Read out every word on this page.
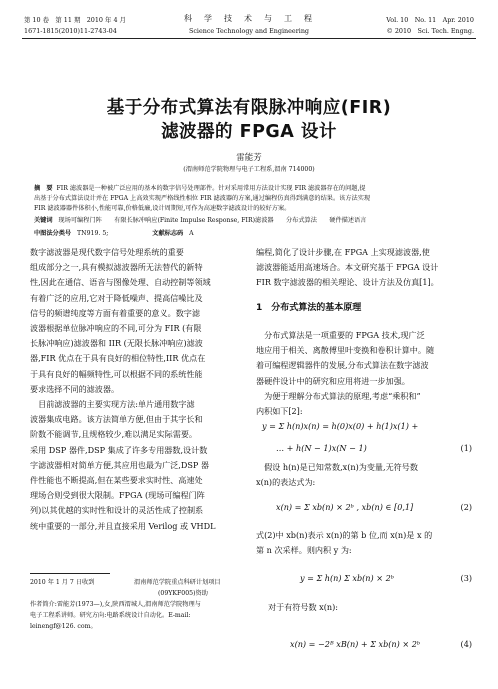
第 10 卷　第 11 期　2010 年 4 月
1671-1815(2010)11-2743-04
科　学　技　术　与　工　程
Science Technology and Engineering
Vol. 10　No. 11　Apr. 2010
© 2010　Sci. Tech. Engng.
基于分布式算法有限脉冲响应(FIR)
滤波器的 FPGA 设计
雷能芳
(渭南师范学院物理与电子工程系,渭南 714000)
摘　要 FIR 滤波器是一种被广泛应用的基本的数字信号处理部件。针对采用常用方法设计实现 FIR 滤波器存在的问题,提
出基于分布式算法设计并在 FPGA 上高效实现严格线性相位 FIR 滤波器的方案,通过编程仿真得到满意的结果。该方法实现
FIR 滤波器器件体积小,性能可靠,价格低廉,设计周期短,可作为高速数字滤波设计的较好方案。
关键词 现场可编程门阵　　有限长脉冲响应(Finite Impulse Response, FIR)滤波器　　分布式算法　　硬件描述语言
中图法分类号 TN919. 5;	文献标志码 A
数字滤波器是现代数字信号处理系统的重要
组成部分之一,具有模拟滤波器所无法替代的新特
性,因此在通信、语音与图像处理、自动控制等领域
有着广泛的应用,它对于降低噪声、提高信噪比及
信号的频谱纯度等方面有着重要的意义。数字滤
波器根据单位脉冲响应的不同,可分为 FIR (有限
长脉冲响应)滤波器和 IIR (无限长脉冲响应)滤波
器,FIR 优点在于具有良好的相位特性,IIR 优点在
于具有良好的幅频特性,可以根据不同的系统性能
要求选择不同的滤波器。
　目前滤波器的主要实现方法:单片通用数字滤
波器集成电路。该方法简单方便,但由于其字长和
阶数不能调节,且规格较少,难以满足实际需要。
采用 DSP 器件,DSP 集成了许多专用器数,设计数
字滤波器相对简单方便,其应用也最为广泛,DSP 器
件性能也不断提高,但在某些要求实时性、高速处
理场合则受到很大限制。FPGA (现场可编程门阵
列)以其优越的实时性和设计的灵活性成了控制系
统中重要的一部分,并且直接采用 Verilog 或 VHDL
2010 年 1 月 7 日收到	渭南师范学院重点科研计划项目
(09YKF005)资助
作者简介:雷能芳(1973—),女,陕西渭城人,渭南师范学院物理与
电子工程系讲师。研究方向:电路系统设计自动化。E-mail:
leinengf@126. com。
编程,简化了设计步骤,在 FPGA 上实现滤波器,使
滤波器能适用高速场合。本文研究基于 FPGA 设计
FIR 数字滤波器的相关理论、设计方法及仿真[1]。
1　分布式算法的基本原理
　分布式算法是一项重要的 FPGA 技术,现广泛
地应用于相关、离散傅里叶变换和卷积计算中。随
着可编程逻辑器件的发展,分布式算法在数字滤波
器硬件设计中的研究和应用将进一步加强。
　为便于理解分布式算法的原理,考虑“乘积和”
内积如下[2]:
y = Σ h(n)x(n) = h(0)x(0) + h(1)x(1) +
… + h(N − 1)x(N − 1)	(1)
　假设 h(n)是已知常数,x(n)为变量,无符号数
x(n)的表达式为:
x(n) = Σ xb(n) × 2ᵇ , xb(n) ∈ [0,1]	(2)
式(2)中 xb(n)表示 x(n)的第 b 位,而 x(n)是 x 的
第 n 次采样。则内积 y 为:
y = Σ h(n) Σ xb(n) × 2ᵇ	(3)
对于有符号数 x(n):
x(n) = −2ᴮ xB(n) + Σ xb(n) × 2ᵇ	(4)
